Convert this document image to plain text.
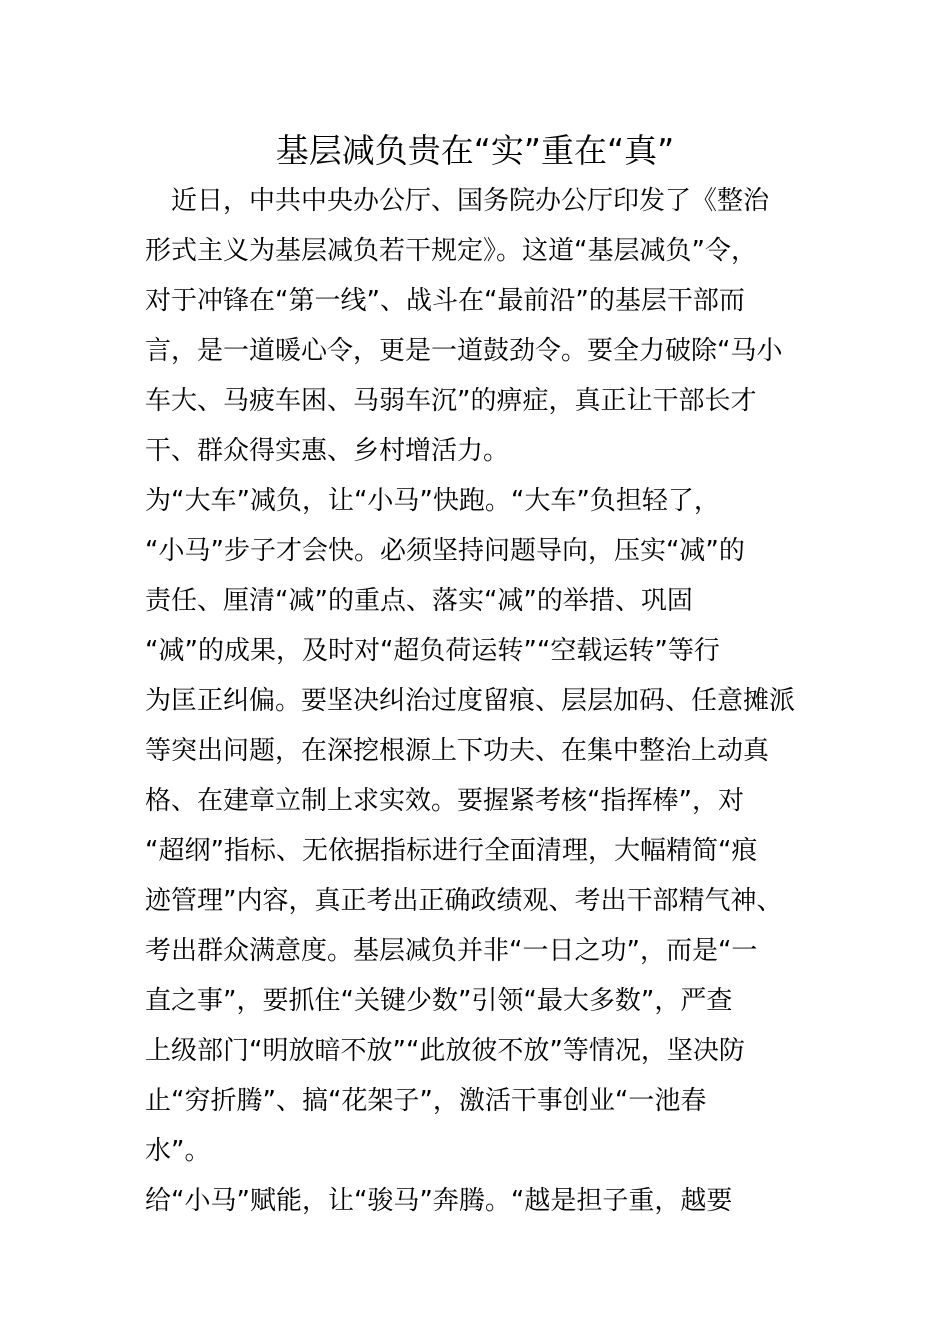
基层减负贵在“实”重在“真”
　近日，中共中央办公厅、国务院办公厅印发了《整治
形式主义为基层减负若干规定》。这道“基层减负”令，
对于冲锋在“第一线”、战斗在“最前沿”的基层干部而
言，是一道暖心令，更是一道鼓劲令。要全力破除“马小
车大、马疲车困、马弱车沉”的痹症，真正让干部长才
干、群众得实惠、乡村增活力。
为“大车”减负，让“小马”快跑。“大车”负担轻了，
“小马”步子才会快。必须坚持问题导向，压实“减”的
责任、厘清“减”的重点、落实“减”的举措、巩固
“减”的成果，及时对“超负荷运转”“空载运转”等行
为匡正纠偏。要坚决纠治过度留痕、层层加码、任意摊派
等突出问题，在深挖根源上下功夫、在集中整治上动真
格、在建章立制上求实效。要握紧考核“指挥棒”，对
“超纲”指标、无依据指标进行全面清理，大幅精简“痕
迹管理”内容，真正考出正确政绩观、考出干部精气神、
考出群众满意度。基层减负并非“一日之功”，而是“一
直之事”，要抓住“关键少数”引领“最大多数”，严查
上级部门“明放暗不放”“此放彼不放”等情况，坚决防
止“穷折腾”、搞“花架子”，激活干事创业“一池春
水”。
给“小马”赋能，让“骏马”奔腾。“越是担子重，越要
